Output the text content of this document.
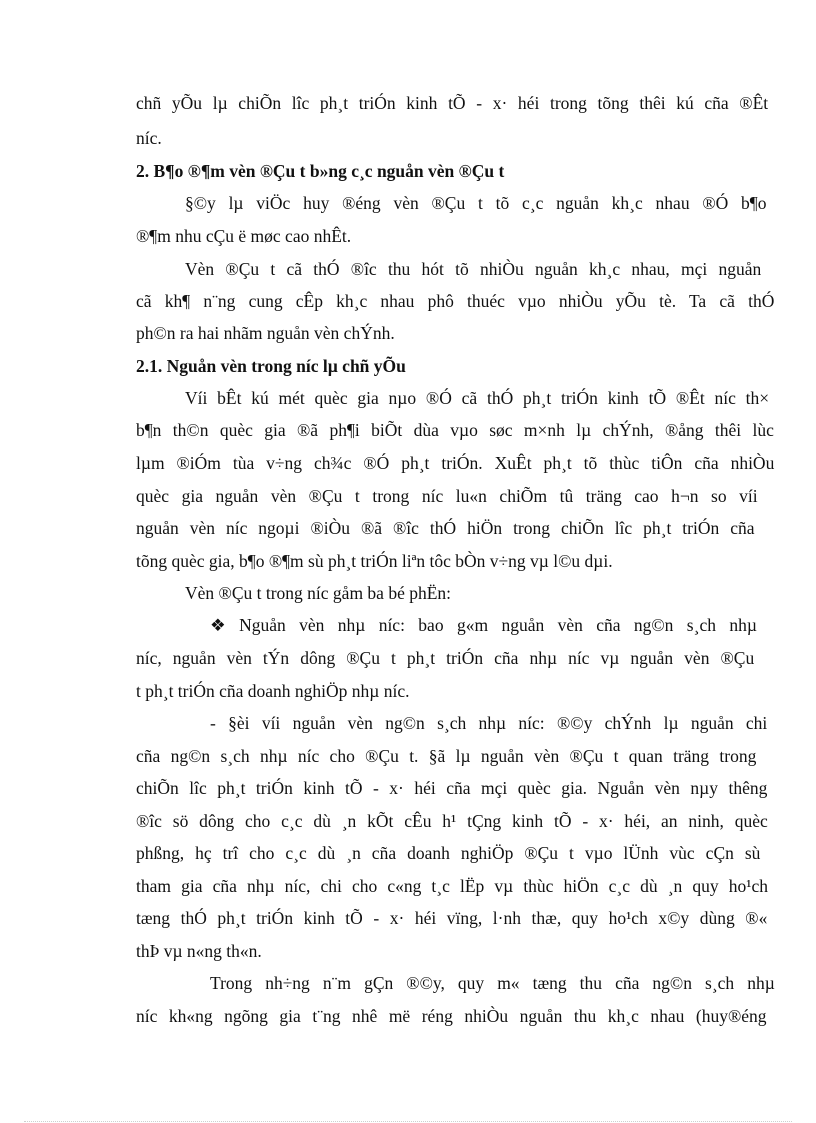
chñ yÕu lµ chiÕn lîc ph¸t triÓn kinh tÕ - x· héi trong tõng thêi kú cña ®Êt
níc.
2. B¶o ®¶m vèn ®Çu t b»ng c¸c nguån vèn ®Çu t
§©y lµ viÖc huy ®éng vèn ®Çu t tõ c¸c nguån kh¸c nhau ®Ó b¶o
®¶m nhu cÇu ë møc cao nhÊt.
Vèn ®Çu t cã thÓ ®îc thu hót tõ nhiÒu nguån kh¸c nhau, mçi nguån
cã kh¶ n¨ng cung cÊp kh¸c nhau phô thuéc vµo nhiÒu yÕu tè. Ta cã thÓ
ph©n ra hai nhãm nguån vèn chÝnh.
2.1. Nguån vèn trong níc lµ chñ yÕu
Víi bÊt kú mét quèc gia nµo ®Ó cã thÓ ph¸t triÓn kinh tÕ ®Êt níc th×
b¶n th©n quèc gia ®ã ph¶i biÕt dùa vµo søc m×nh lµ chÝnh, ®ång thêi lùc
lµm ®iÓm tùa v÷ng ch¾c ®Ó ph¸t triÓn. XuÊt ph¸t tõ thùc tiÔn cña nhiÒu
quèc gia nguån vèn ®Çu t trong níc lu«n chiÕm tû träng cao h¬n so víi
nguån vèn níc ngoµi ®iÒu ®ã ®îc thÓ hiÖn trong chiÕn lîc ph¸t triÓn cña
tõng quèc gia, b¶o ®¶m sù ph¸t triÓn liªn tôc bÒn v÷ng vµ l©u dµi.
Vèn ®Çu t trong níc gåm ba bé phËn:
❖ Nguån vèn nhµ níc: bao g«m nguån vèn cña ng©n s¸ch nhµ
níc, nguån vèn tÝn dông ®Çu t ph¸t triÓn cña nhµ níc vµ nguån vèn ®Çu
t ph¸t triÓn cña doanh nghiÖp nhµ níc.
- §èi víi nguån vèn ng©n s¸ch nhµ níc: ®©y chÝnh lµ nguån chi
cña ng©n s¸ch nhµ níc cho ®Çu t. §ã lµ nguån vèn ®Çu t quan träng trong
chiÕn lîc ph¸t triÓn kinh tÕ - x· héi cña mçi quèc gia. Nguån vèn nµy thêng
®îc sö dông cho c¸c dù ¸n kÕt cÊu h¹ tÇng kinh tÕ - x· héi, an ninh, quèc
phßng, hç trî cho c¸c dù ¸n cña doanh nghiÖp ®Çu t vµo lÜnh vùc cÇn sù
tham gia cña nhµ níc, chi cho c«ng t¸c lËp vµ thùc hiÖn c¸c dù ¸n quy ho¹ch
tæng thÓ ph¸t triÓn kinh tÕ - x· héi vïng, l·nh thæ, quy ho¹ch x©y dùng ®«
thÞ vµ n«ng th«n.
Trong nh÷ng n¨m gÇn ®©y, quy m« tæng thu cña ng©n s¸ch nhµ
níc kh«ng ngõng gia t¨ng nhê më réng nhiÒu nguån thu kh¸c nhau (huy®éng
